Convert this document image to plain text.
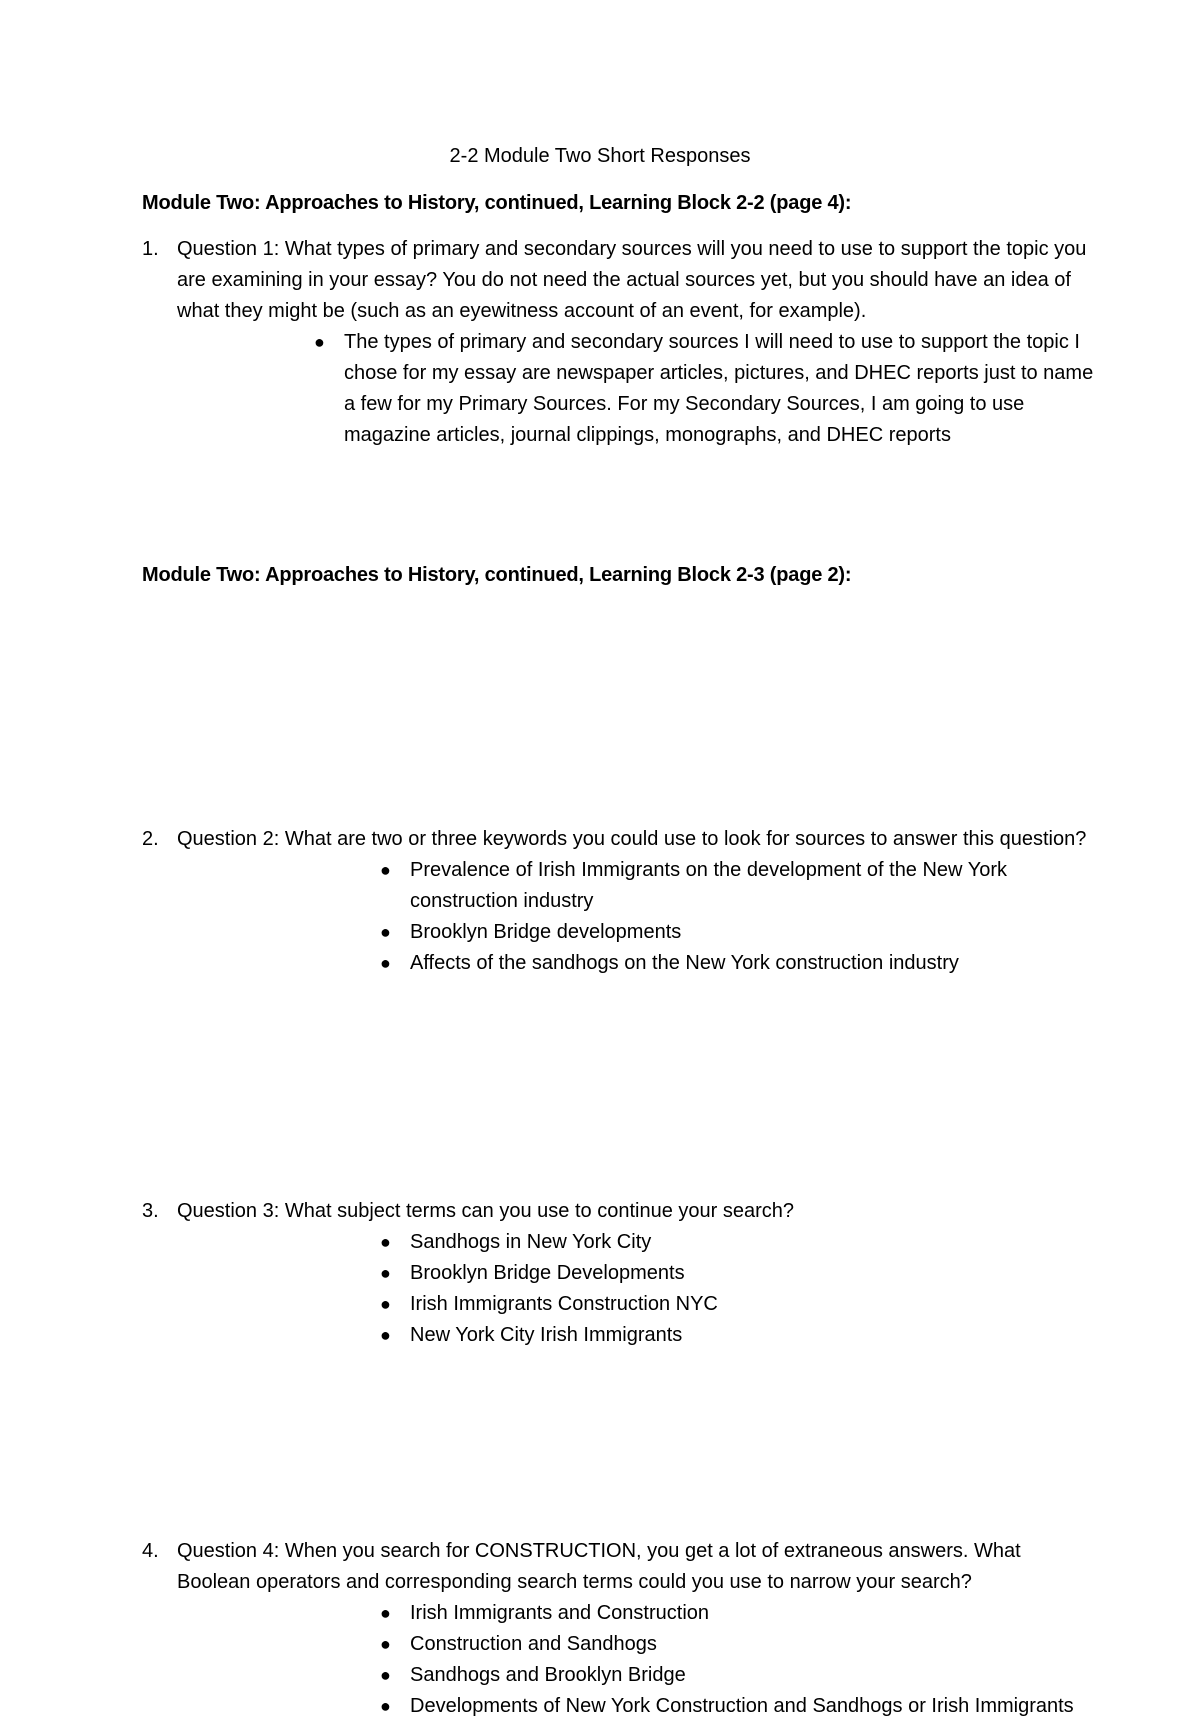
2-2 Module Two Short Responses
Module Two: Approaches to History, continued, Learning Block 2-2 (page 4):
1. Question 1: What types of primary and secondary sources will you need to use to support the topic you are examining in your essay? You do not need the actual sources yet, but you should have an idea of what they might be (such as an eyewitness account of an event, for example).
● The types of primary and secondary sources I will need to use to support the topic I chose for my essay are newspaper articles, pictures, and DHEC reports just to name a few for my Primary Sources. For my Secondary Sources, I am going to use magazine articles, journal clippings, monographs, and DHEC reports
Module Two: Approaches to History, continued, Learning Block 2-3 (page 2):
2. Question 2: What are two or three keywords you could use to look for sources to answer this question?
● Prevalence of Irish Immigrants on the development of the New York construction industry
● Brooklyn Bridge developments
● Affects of the sandhogs on the New York construction industry
3. Question 3: What subject terms can you use to continue your search?
● Sandhogs in New York City
● Brooklyn Bridge Developments
● Irish Immigrants Construction NYC
● New York City Irish Immigrants
4. Question 4: When you search for CONSTRUCTION, you get a lot of extraneous answers. What Boolean operators and corresponding search terms could you use to narrow your search?
● Irish Immigrants and Construction
● Construction and Sandhogs
● Sandhogs and Brooklyn Bridge
● Developments of New York Construction and Sandhogs or Irish Immigrants
